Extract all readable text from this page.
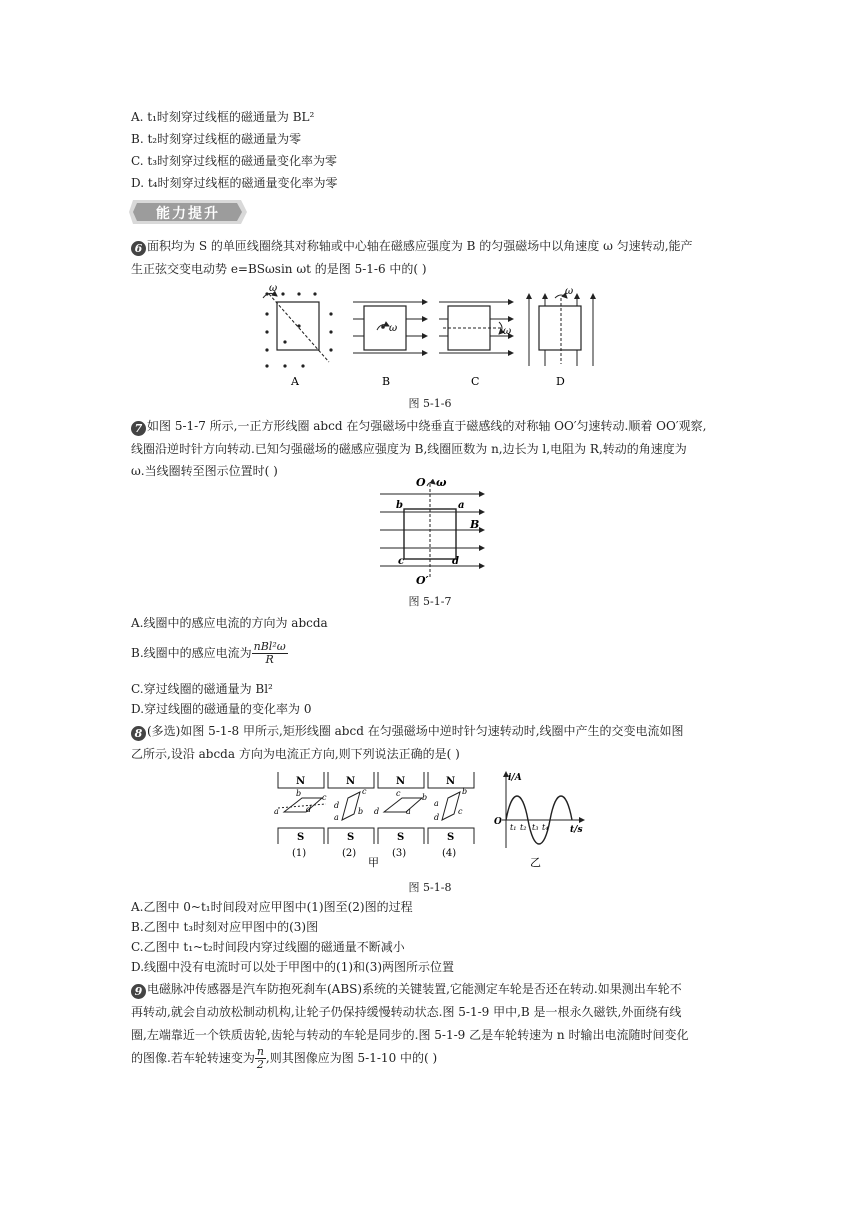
A. t₁时刻穿过线框的磁通量为 BL²
B. t₂时刻穿过线框的磁通量为零
C. t₃时刻穿过线框的磁通量变化率为零
D. t₄时刻穿过线框的磁通量变化率为零
能力提升
6 面积均为 S 的单匝线圈绕其对称轴或中心轴在磁感应强度为 B 的匀强磁场中以角速度 ω 匀速转动,能产
生正弦交变电动势 e=BSωsin ωt 的是图 5-1-6 中的( )
ω
A
ω
B
ω
C
ω
D
图 5-1-6
7 如图 5-1-7 所示,一正方形线圈 abcd 在匀强磁场中绕垂直于磁感线的对称轴 OO′匀速转动.顺着 OO′观察,
线圈沿逆时针方向转动.已知匀强磁场的磁感应强度为 B,线圈匝数为 n,边长为 l,电阻为 R,转动的角速度为
ω.当线圈转至图示位置时( )
O ω
b	a
B
c	d
O′
图 5-1-7
A.线圈中的感应电流的方向为 abcda
B.线圈中的感应电流为 $\frac{\text{nBl²ω}}{R}$
C.穿过线圈的磁通量为 Bl²
D.穿过线圈的磁通量的变化率为 0
8 (多选)如图 5-1-8 甲所示,矩形线圈 abcd 在匀强磁场中逆时针匀速转动时,线圈中产生的交变电流如图
乙所示,设沿 abcda 方向为电流正方向,则下列说法正确的是( )
N
S
a
b	c
d
(1)
N
S
d
a
c
b
(2)
N
S
d
c	b
a
(3)
N
S
a
d
b
c
(4)
甲
i/A
t/s
O
t₁ t₂ t₃ t₄
乙
图 5-1-8
A.乙图中 0~t₁时间段对应甲图中(1)图至(2)图的过程
B.乙图中 t₃时刻对应甲图中的(3)图
C.乙图中 t₁~t₂时间段内穿过线圈的磁通量不断减小
D.线圈中没有电流时可以处于甲图中的(1)和(3)两图所示位置
9 电磁脉冲传感器是汽车防抱死刹车(ABS)系统的关键装置,它能测定车轮是否还在转动.如果测出车轮不
再转动,就会自动放松制动机构,让轮子仍保持缓慢转动状态.图 5-1-9 甲中,B 是一根永久磁铁,外面绕有线
圈,左端靠近一个铁质齿轮,齿轮与转动的车轮是同步的.图 5-1-9 乙是车轮转速为 n 时输出电流随时间变化
的图像.若车轮转速变为 $\frac{n}{2}$ ,则其图像应为图 5-1-10 中的( )
